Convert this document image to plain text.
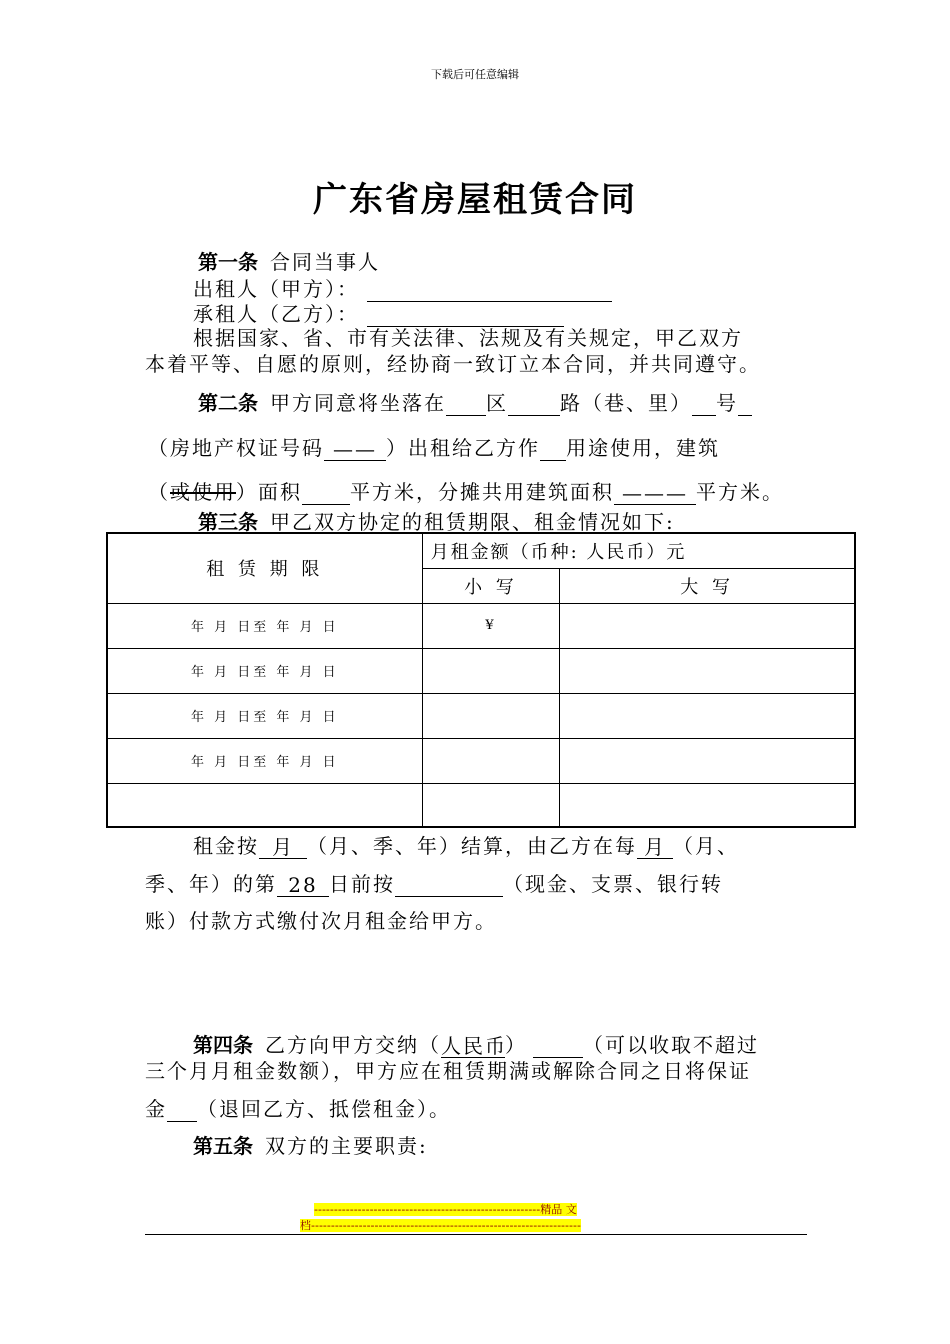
下载后可任意编辑
广东省房屋租赁合同
第一条 合同当事人
出租人（甲方）：
承租人（乙方）：
根据国家、省、市有关法律、法规及有关规定，甲乙双方
本着平等、自愿的原则，经协商一致订立本合同，并共同遵守。
第二条 甲方同意将坐落在 区	路（巷、里） 号
（房地产权证号码 —— ）出租给乙方作 用途使用，建筑
（或使用）面积 平方米，分摊共用建筑面积 ——— 平方米。
第三条 甲乙双方协定的租赁期限、租金情况如下:
租 赁 期 限	月租金额（币种: 人民币）元	
	小 写	大 写
年 月 日至 年 月 日	¥	
年 月 日至 年 月 日		
年 月 日至 年 月 日		
年 月 日至 年 月 日		

租金按 月 （月、季、年）结算，由乙方在每 月 （月、
季、年）的第 28 日前按	（现金、支票、银行转
账）付款方式缴付次月租金给甲方。
第四条 乙方向甲方交纳（人民币）	（可以收取不超过
三个月月租金数额），甲方应在租赁期满或解除合同之日将保证
金 （退回乙方、抵偿租金）。
第五条 双方的主要职责:
---------------------------------------------------------精品 文
档--------------------------------------------------------------------
